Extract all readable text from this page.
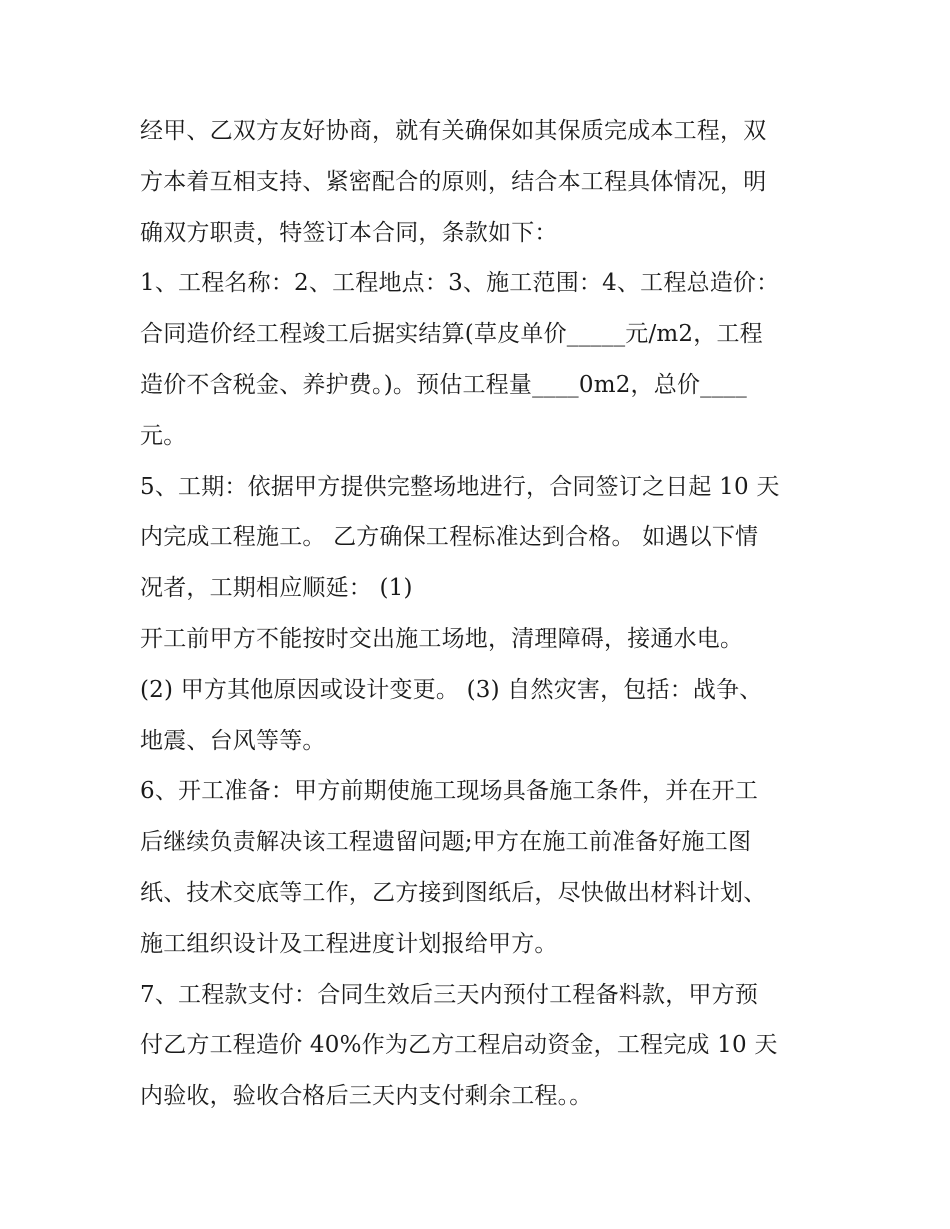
经甲、乙双方友好协商，就有关确保如其保质完成本工程，双
方本着互相支持、紧密配合的原则，结合本工程具体情况，明
确双方职责，特签订本合同，条款如下：
1、工程名称：2、工程地点：3、施工范围：4、工程总造价：
合同造价经工程竣工后据实结算(草皮单价_____元/m2，工程
造价不含税金、养护费。)。预估工程量____0m2，总价____
元。
5、工期：依据甲方提供完整场地进行，合同签订之日起 10 天
内完成工程施工。 乙方确保工程标准达到合格。 如遇以下情
况者，工期相应顺延： (1)
开工前甲方不能按时交出施工场地，清理障碍，接通水电。
(2) 甲方其他原因或设计变更。 (3) 自然灾害，包括：战争、
地震、台风等等。
6、开工准备：甲方前期使施工现场具备施工条件，并在开工
后继续负责解决该工程遗留问题;甲方在施工前准备好施工图
纸、技术交底等工作，乙方接到图纸后，尽快做出材料计划、
施工组织设计及工程进度计划报给甲方。
7、工程款支付：合同生效后三天内预付工程备料款，甲方预
付乙方工程造价 40%作为乙方工程启动资金，工程完成 10 天
内验收，验收合格后三天内支付剩余工程。。
